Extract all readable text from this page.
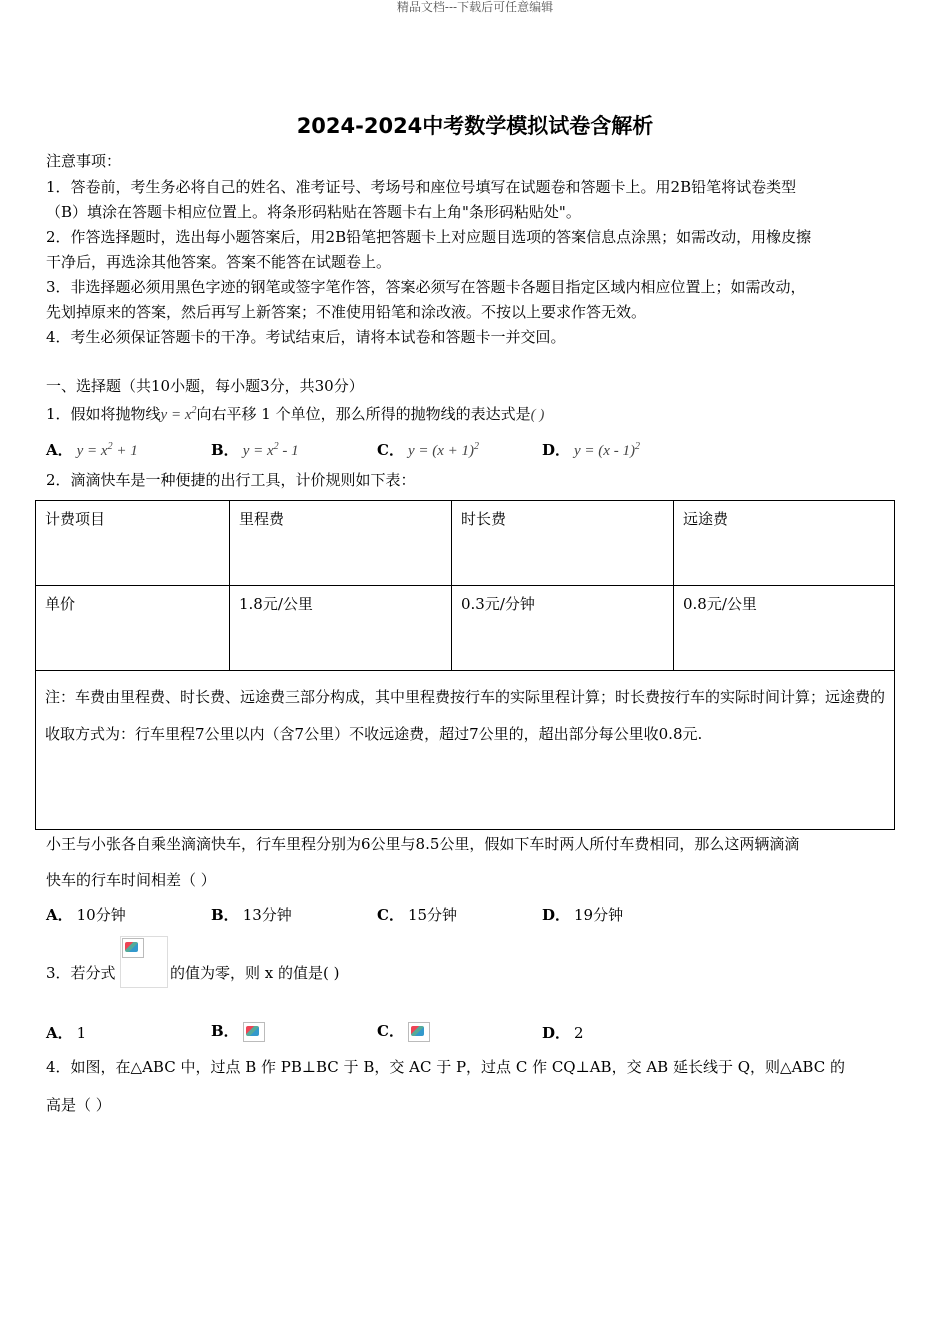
精品文档---下载后可任意编辑
2024-2024中考数学模拟试卷含解析
注意事项：
1．答卷前，考生务必将自己的姓名、准考证号、考场号和座位号填写在试题卷和答题卡上。用2B铅笔将试卷类型
（B）填涂在答题卡相应位置上。将条形码粘贴在答题卡右上角"条形码粘贴处"。
2．作答选择题时，选出每小题答案后，用2B铅笔把答题卡上对应题目选项的答案信息点涂黑；如需改动，用橡皮擦
干净后，再选涂其他答案。答案不能答在试题卷上。
3．非选择题必须用黑色字迹的钢笔或签字笔作答，答案必须写在答题卡各题目指定区域内相应位置上；如需改动，
先划掉原来的答案，然后再写上新答案；不准使用铅笔和涂改液。不按以上要求作答无效。
4．考生必须保证答题卡的干净。考试结束后，请将本试卷和答题卡一并交回。
一、选择题（共10小题，每小题3分，共30分）
1．假如将抛物线$y = x^2$向右平移 1 个单位，那么所得的抛物线的表达式是( )
A． $y = x^2 + 1$	B． $y = x^2 - 1$	C． $y = (x + 1)^2$	D． y = (x - 1)$^2$
2．滴滴快车是一种便捷的出行工具，计价规则如下表：
计费项目	里程费	时长费	远途费
单价	1.8元/公里	0.3元/分钟	0.8元/公里
注：车费由里程费、时长费、远途费三部分构成，其中里程费按行车的实际里程计算；时长费按行车的实际时间计算；远途费的收取方式为：行车里程7公里以内（含7公里）不收远途费，超过7公里的，超出部分每公里收0.8元.
小王与小张各自乘坐滴滴快车，行车里程分别为6公里与8.5公里，假如下车时两人所付车费相同，那么这两辆滴滴
快车的行车时间相差（ ）
A． 10分钟	B． 13分钟	C． 15分钟	D． 19分钟
3．若分式	的值为零，则 x 的值是( )
A． 1	B．	C．	D． 2
4．如图，在△ABC 中，过点 B 作 PB⊥BC 于 B，交 AC 于 P，过点 C 作 CQ⊥AB，交 AB 延长线于 Q，则△ABC 的
高是（ ）
